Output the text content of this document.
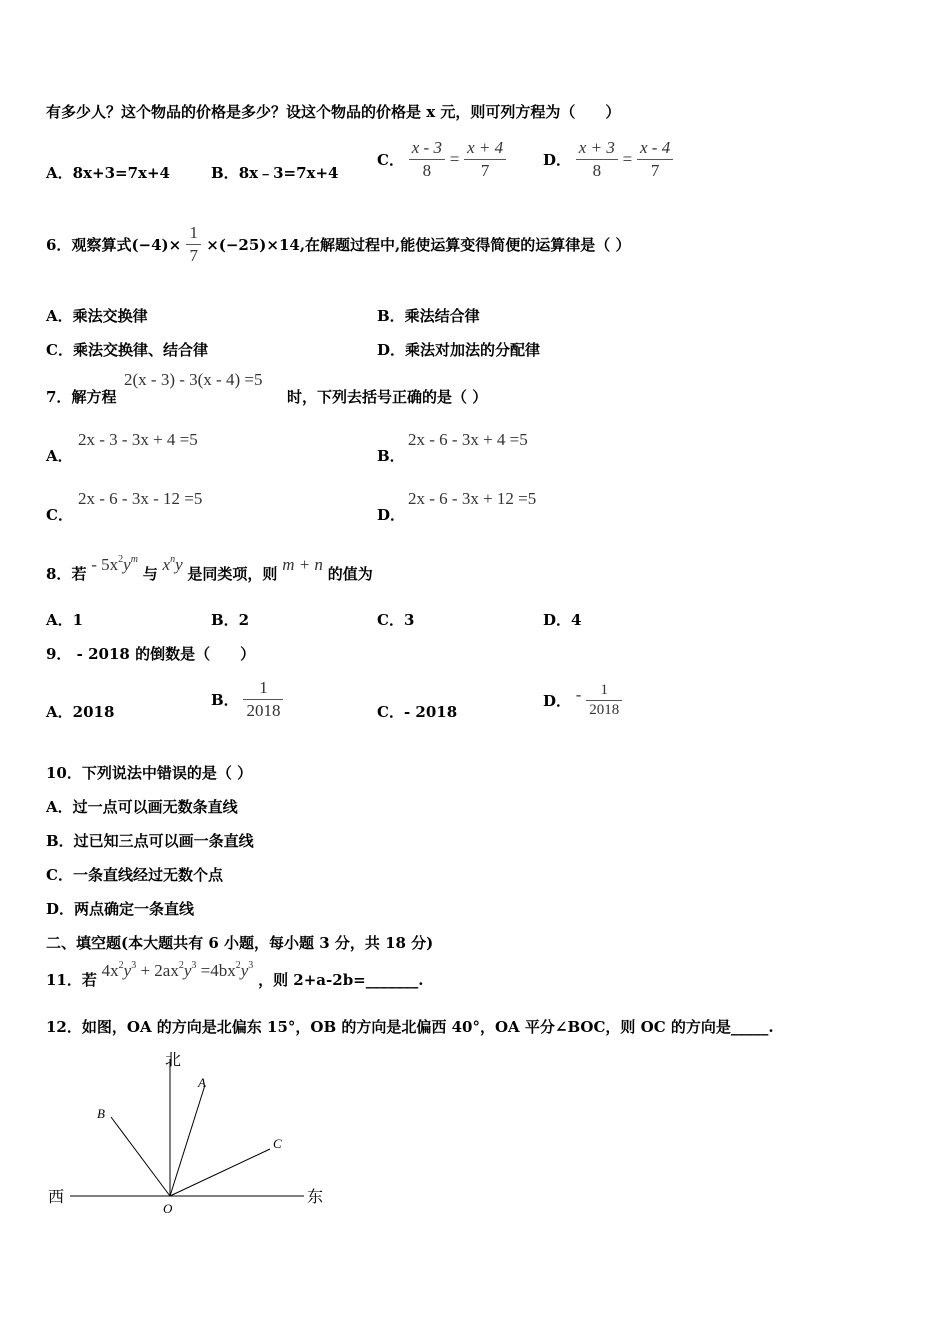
有多少人？这个物品的价格是多少？设这个物品的价格是 x 元，则可列方程为（　　）
A．8x+3=7x+4	B．8x﹣3=7x+4
C． $\frac{x - 3}{8} = \frac{x + 4}{7}$ D． $\frac{x + 3}{8} = \frac{x - 4}{7}$
6．观察算式$(-4)\times \frac{1}{7} \times(-25)\times 14$,在解题过程中,能使运算变得简便的运算律是（ ）
A．乘法交换律	B．乘法结合律
C．乘法交换律、结合律	D．乘法对加法的分配律
7．解方程
2(x - 3) - 3(x - 4) =5
时，下列去括号正确的是（ ）
A．
2x - 3 - 3x + 4 =5
B．
2x - 6 - 3x + 4 =5
C．
2x - 6 - 3x - 12 =5
D．
2x - 6 - 3x + 12 =5
8．若 - $5x^2y^m$ 与 $x^ny$ 是同类项，则 m + n 的值为
A．1	B．2	C．3	D．4
9． - 2018 的倒数是（　　）
A．2018
B． $\frac{1}{2018}$	C．- 2018
D． - $\frac{1}{2018}$
10．下列说法中错误的是（ ）
A．过一点可以画无数条直线
B．过已知三点可以画一条直线
C．一条直线经过无数个点
D．两点确定一条直线
二、填空题(本大题共有 6 小题，每小题 3 分，共 18 分)
11．若 $4x^2y^3 + 2ax^2y^3 =4bx^2y^3$ ，则 2+a-2b=_______.
12．如图，OA 的方向是北偏东 15°，OB 的方向是北偏西 40°，OA 平分∠BOC，则 OC 的方向是_____.
北
西	东
A
B
C
O
